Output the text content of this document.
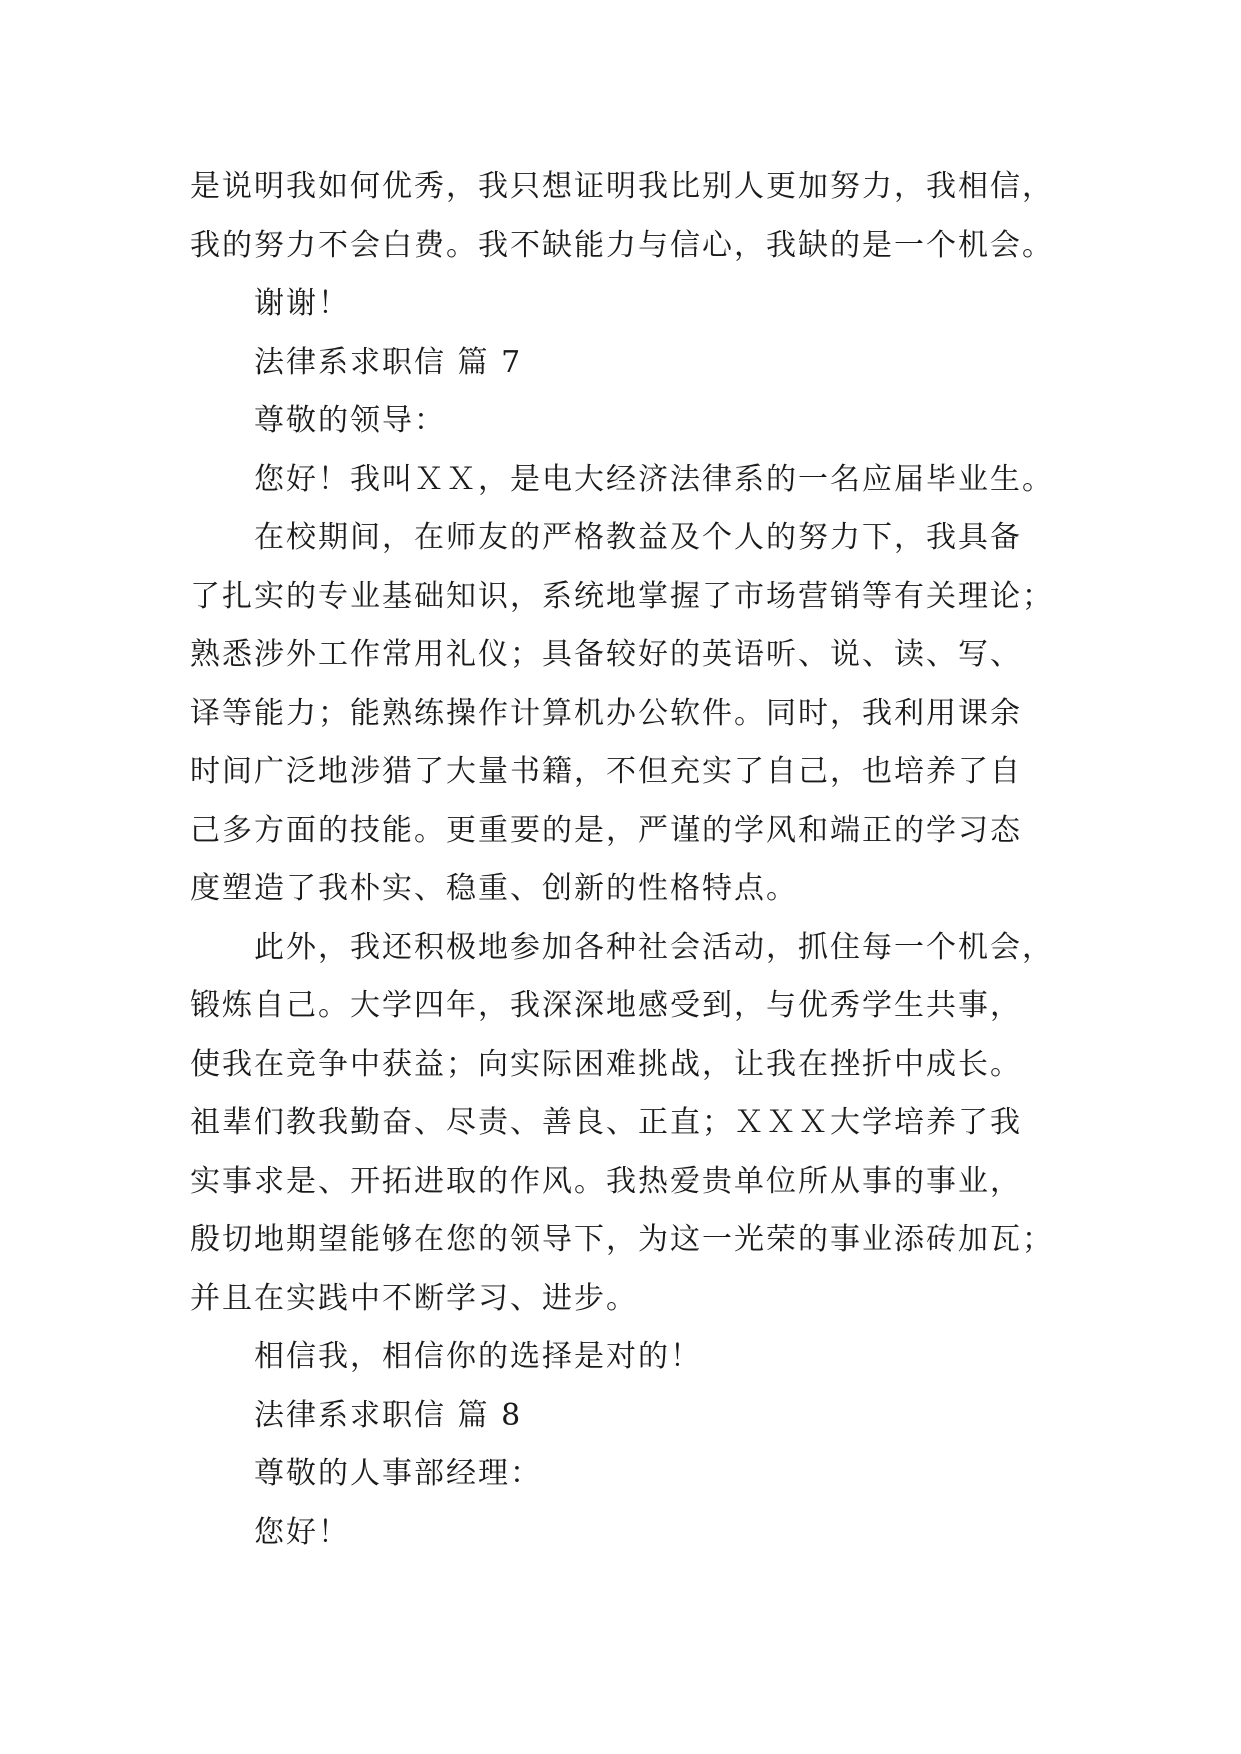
是说明我如何优秀，我只想证明我比别人更加努力，我相信，
我的努力不会白费。我不缺能力与信心，我缺的是一个机会。
谢谢！
法律系求职信 篇 7
尊敬的领导：
您好！我叫ＸＸ，是电大经济法律系的一名应届毕业生。
在校期间，在师友的严格教益及个人的努力下，我具备
了扎实的专业基础知识，系统地掌握了市场营销等有关理论；
熟悉涉外工作常用礼仪；具备较好的英语听、说、读、写、
译等能力；能熟练操作计算机办公软件。同时，我利用课余
时间广泛地涉猎了大量书籍，不但充实了自己，也培养了自
己多方面的技能。更重要的是，严谨的学风和端正的学习态
度塑造了我朴实、稳重、创新的性格特点。
此外，我还积极地参加各种社会活动，抓住每一个机会，
锻炼自己。大学四年，我深深地感受到，与优秀学生共事，
使我在竞争中获益；向实际困难挑战，让我在挫折中成长。
祖辈们教我勤奋、尽责、善良、正直；ＸＸＸ大学培养了我
实事求是、开拓进取的作风。我热爱贵单位所从事的事业，
殷切地期望能够在您的领导下，为这一光荣的事业添砖加瓦；
并且在实践中不断学习、进步。
相信我，相信你的选择是对的！
法律系求职信 篇 8
尊敬的人事部经理：
您好！
